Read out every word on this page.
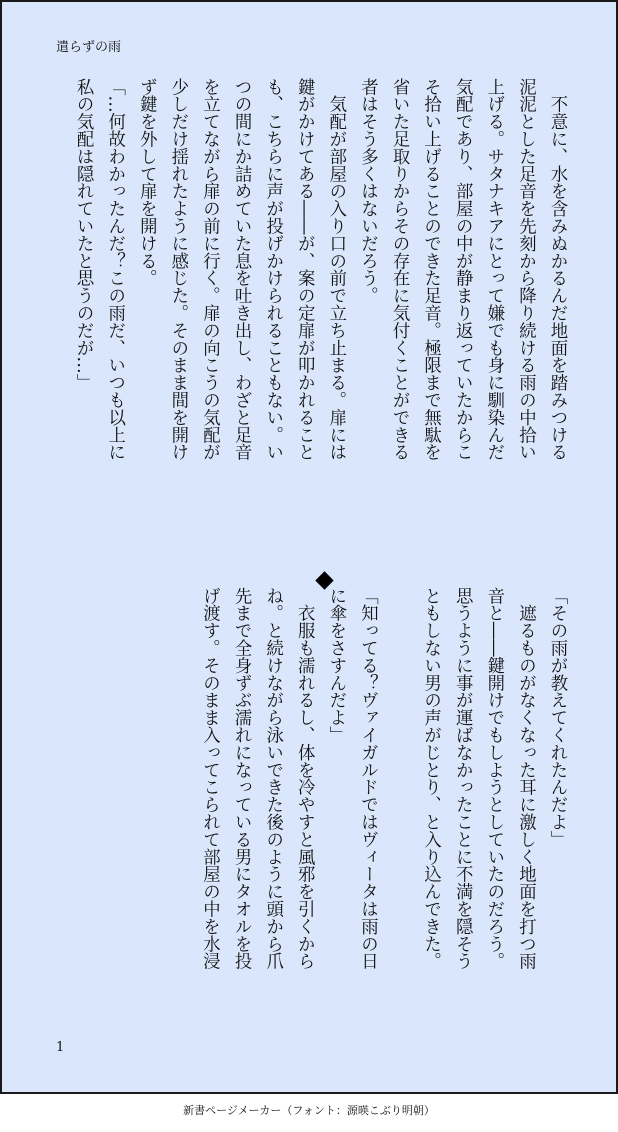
遣らずの雨

　不意に、水を含みぬかるんだ地面を踏みつける

泥泥とした足音を先刻から降り続ける雨の中拾い

上げる。サタナキアにとって嫌でも身に馴染んだ

気配であり、部屋の中が静まり返っていたからこ

そ拾い上げることのできた足音。極限まで無駄を

省いた足取りからその存在に気付くことができる

者はそう多くはないだろう。

　気配が部屋の入り口の前で立ち止まる。扉には

鍵がかけてある――が、案の定扉が叩かれること

も、こちらに声が投げかけられることもない。い

つの間にか詰めていた息を吐き出し、わざと足音

を立てながら扉の前に行く。扉の向こうの気配が

少しだけ揺れたように感じた。そのまま間を開け

ず鍵を外して扉を開ける。

「…何故わかったんだ？この雨だ、いつも以上に

私の気配は隠れていたと思うのだが…」

「その雨が教えてくれたんだよ」

　遮るものがなくなった耳に激しく地面を打つ雨

音と――鍵開けでもしようとしていたのだろう。

思うように事が運ばなかったことに不満を隠そう

ともしない男の声がじとり、と入り込んできた。

「知ってる？ヴァイガルドではヴィータは雨の日

に傘をさすんだよ」

　衣服も濡れるし、体を冷やすと風邪を引くから

ね。と続けながら泳いできた後のように頭から爪

先まで全身ずぶ濡れになっている男にタオルを投

げ渡す。そのまま入ってこられて部屋の中を水浸

1
新書ページメーカー（フォント：源暎こぶり明朝）
